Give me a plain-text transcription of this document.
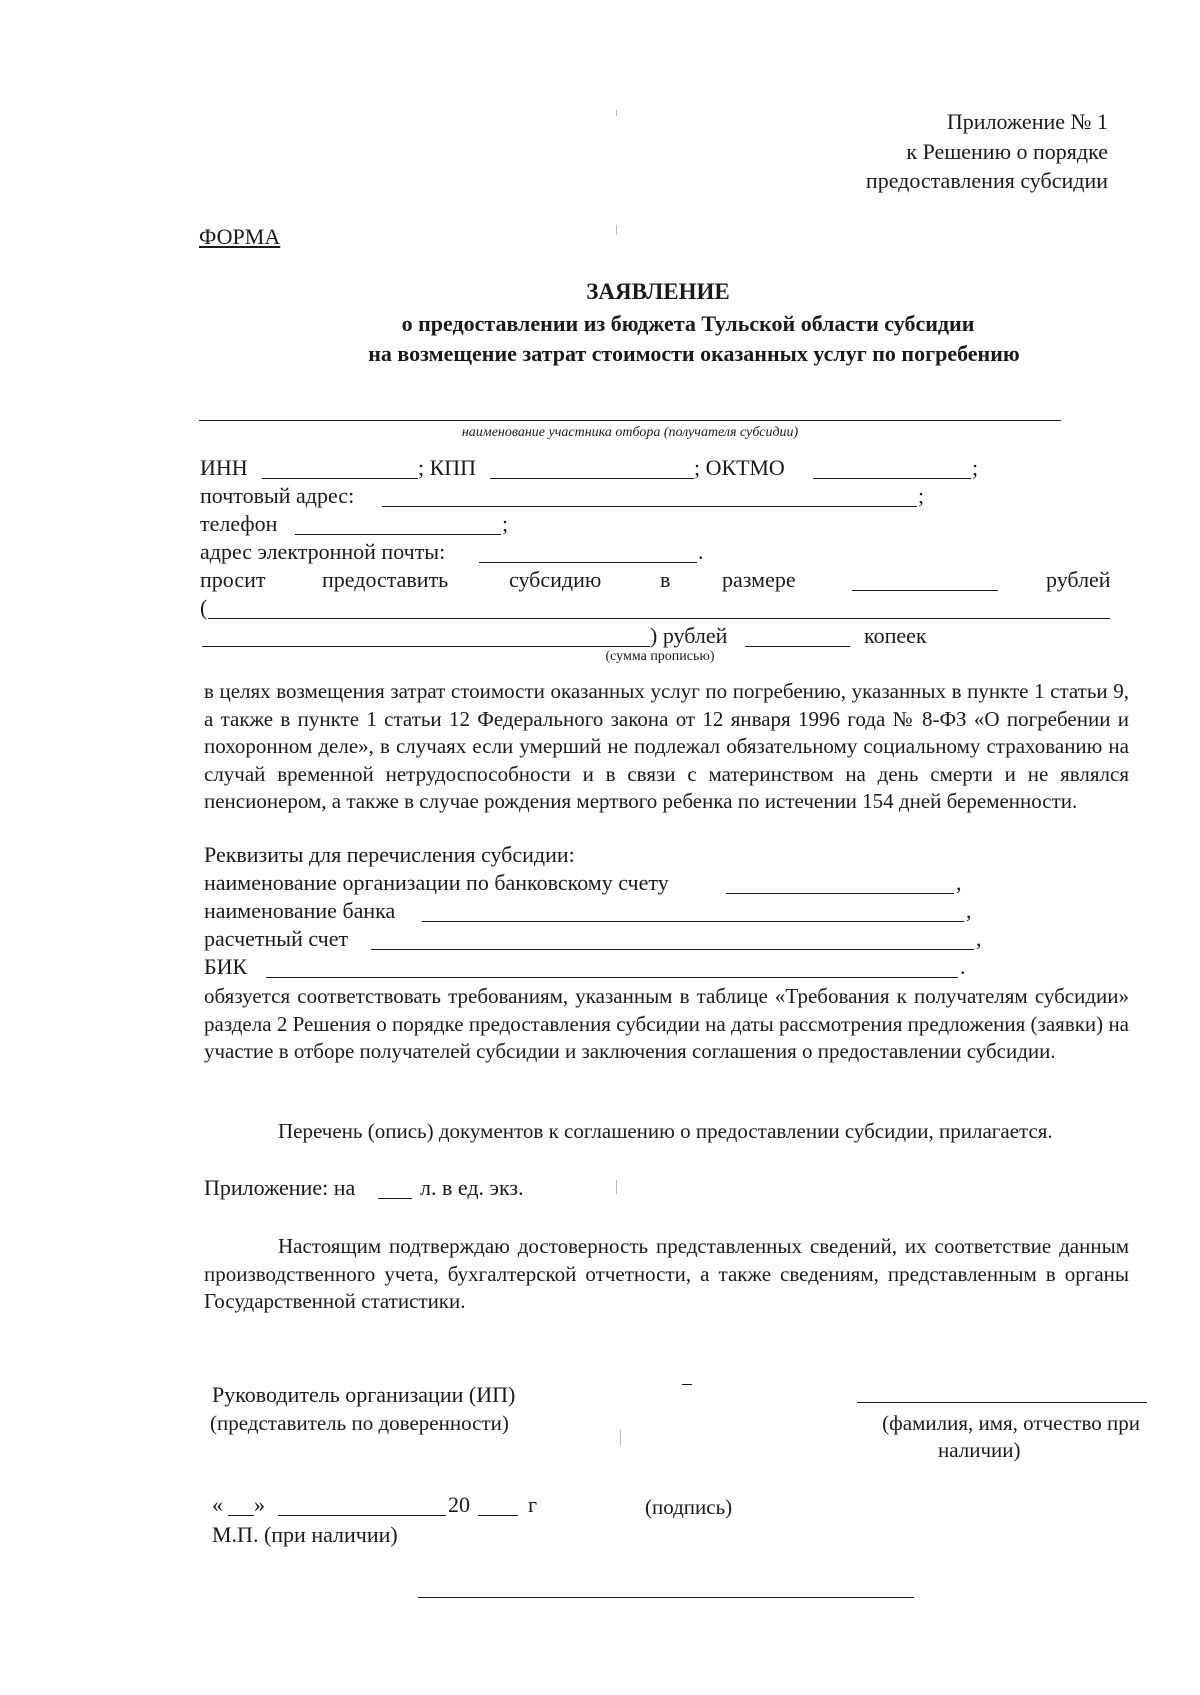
Приложение № 1
к Решению о порядке
предоставления субсидии
ФОРМА
ЗАЯВЛЕНИЕ
о предоставлении из бюджета Тульской области субсидии
на возмещение затрат стоимости оказанных услуг по погребению
наименование участника отбора (получателя субсидии)
ИНН	; КПП	; ОКТМО	;
почтовый адрес:	;
телефон	;
адрес электронной почты:	.
просит	предоставить	субсидию	в размере	рублей
(
) рублей	копеек
(сумма прописью)
в целях возмещения затрат стоимости оказанных услуг по погребению, указанных в пункте 1 статьи 9, а также в пункте 1 статьи 12 Федерального закона от 12 января 1996 года № 8-ФЗ «О погребении и похоронном деле», в случаях если умерший не подлежал обязательному социальному страхованию на случай временной нетрудоспособности и в связи с материнством на день смерти и не являлся пенсионером, а также в случае рождения мертвого ребенка по истечении 154 дней беременности.
Реквизиты для перечисления субсидии:
наименование организации по банковскому счету	,
наименование банка	,
расчетный счет	,
БИК	.
обязуется соответствовать требованиям, указанным в таблице «Требования к получателям субсидии» раздела 2 Решения о порядке предоставления субсидии на даты рассмотрения предложения (заявки) на участие в отборе получателей субсидии и заключения соглашения о предоставлении субсидии.
Перечень (опись) документов к соглашению о предоставлении субсидии, прилагается.
Приложение: на	л. в ед. экз.
Настоящим подтверждаю достоверность представленных сведений, их соответствие данным производственного учета, бухгалтерской отчетности, а также сведениям, представленным в органы Государственной статистики.
Руководитель организации (ИП)
(представитель по доверенности)	(фамилия, имя, отчество при
наличии)
« »	20	г	(подпись)
М.П. (при наличии)
